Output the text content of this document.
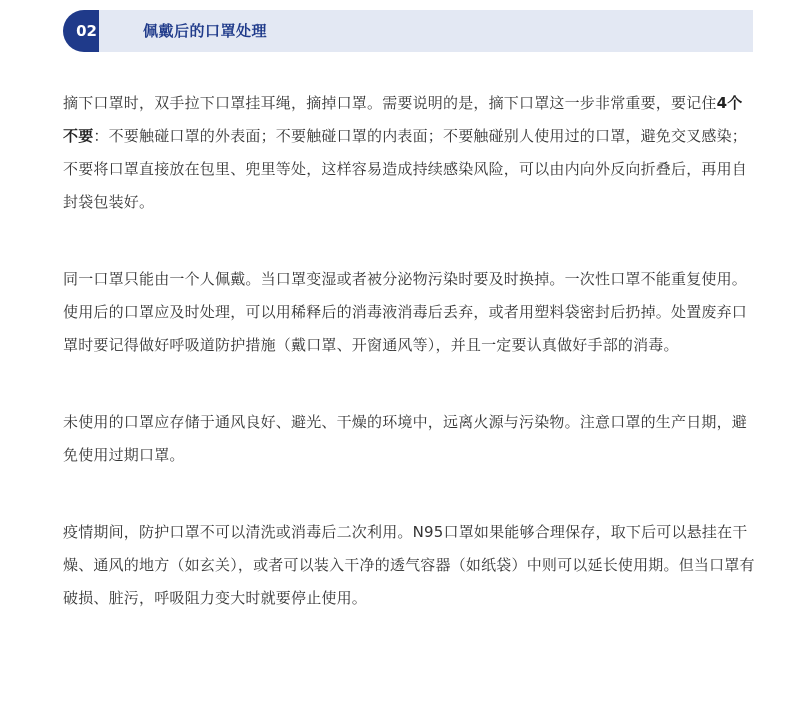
02	佩戴后的口罩处理

摘下口罩时，双手拉下口罩挂耳绳，摘掉口罩。需要说明的是，摘下口罩这一步非常重要，要记住4个不要：不要触碰口罩的外表面；不要触碰口罩的内表面；不要触碰别人使用过的口罩，避免交叉感染；不要将口罩直接放在包里、兜里等处，这样容易造成持续感染风险，可以由内向外反向折叠后，再用自封袋包装好。

同一口罩只能由一个人佩戴。当口罩变湿或者被分泌物污染时要及时换掉。一次性口罩不能重复使用。使用后的口罩应及时处理，可以用稀释后的消毒液消毒后丢弃，或者用塑料袋密封后扔掉。处置废弃口罩时要记得做好呼吸道防护措施（戴口罩、开窗通风等），并且一定要认真做好手部的消毒。

未使用的口罩应存储于通风良好、避光、干燥的环境中，远离火源与污染物。注意口罩的生产日期，避免使用过期口罩。

疫情期间，防护口罩不可以清洗或消毒后二次利用。N95口罩如果能够合理保存，取下后可以悬挂在干燥、通风的地方（如玄关），或者可以装入干净的透气容器（如纸袋）中则可以延长使用期。但当口罩有破损、脏污，呼吸阻力变大时就要停止使用。
